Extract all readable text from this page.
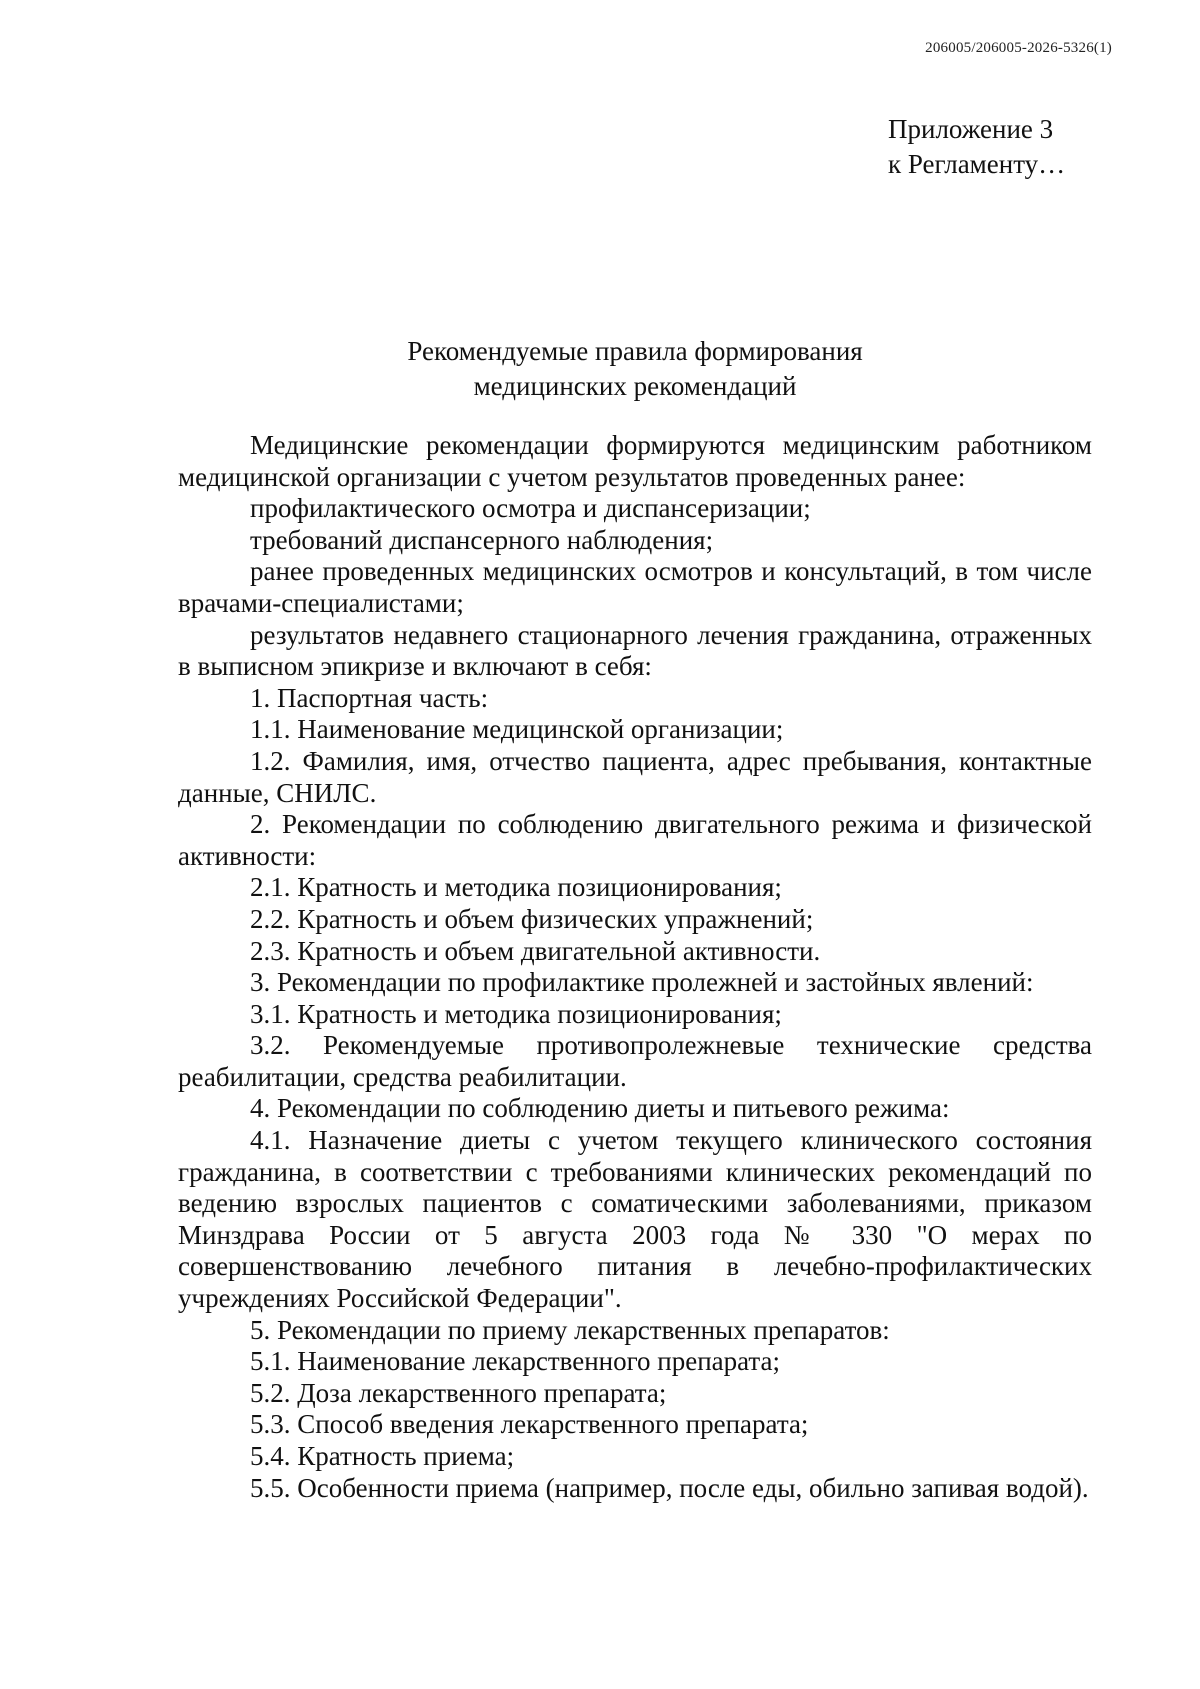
206005/206005-2026-5326(1)
Приложение 3
к Регламенту…
Рекомендуемые правила формирования
медицинских рекомендаций

Медицинские рекомендации формируются медицинским работником медицинской организации с учетом результатов проведенных ранее:

профилактического осмотра и диспансеризации;

требований диспансерного наблюдения;

ранее проведенных медицинских осмотров и консультаций, в том числе врачами-специалистами;

результатов недавнего стационарного лечения гражданина, отраженных в выписном эпикризе и включают в себя:

1. Паспортная часть:

1.1. Наименование медицинской организации;

1.2. Фамилия, имя, отчество пациента, адрес пребывания, контактные данные, СНИЛС.

2. Рекомендации по соблюдению двигательного режима и физической активности:

2.1. Кратность и методика позиционирования;

2.2. Кратность и объем физических упражнений;

2.3. Кратность и объем двигательной активности.

3. Рекомендации по профилактике пролежней и застойных явлений:

3.1. Кратность и методика позиционирования;

3.2. Рекомендуемые противопролежневые технические средства реабилитации, средства реабилитации.

4. Рекомендации по соблюдению диеты и питьевого режима:

4.1. Назначение диеты с учетом текущего клинического состояния гражданина, в соответствии с требованиями клинических рекомендаций по ведению взрослых пациентов с соматическими заболеваниями, приказом Минздрава России от 5 августа 2003 года № 330 "О мерах по совершенствованию лечебного питания в лечебно-профилактических учреждениях Российской Федерации".

5. Рекомендации по приему лекарственных препаратов:

5.1. Наименование лекарственного препарата;

5.2. Доза лекарственного препарата;

5.3. Способ введения лекарственного препарата;

5.4. Кратность приема;

5.5. Особенности приема (например, после еды, обильно запивая водой).
